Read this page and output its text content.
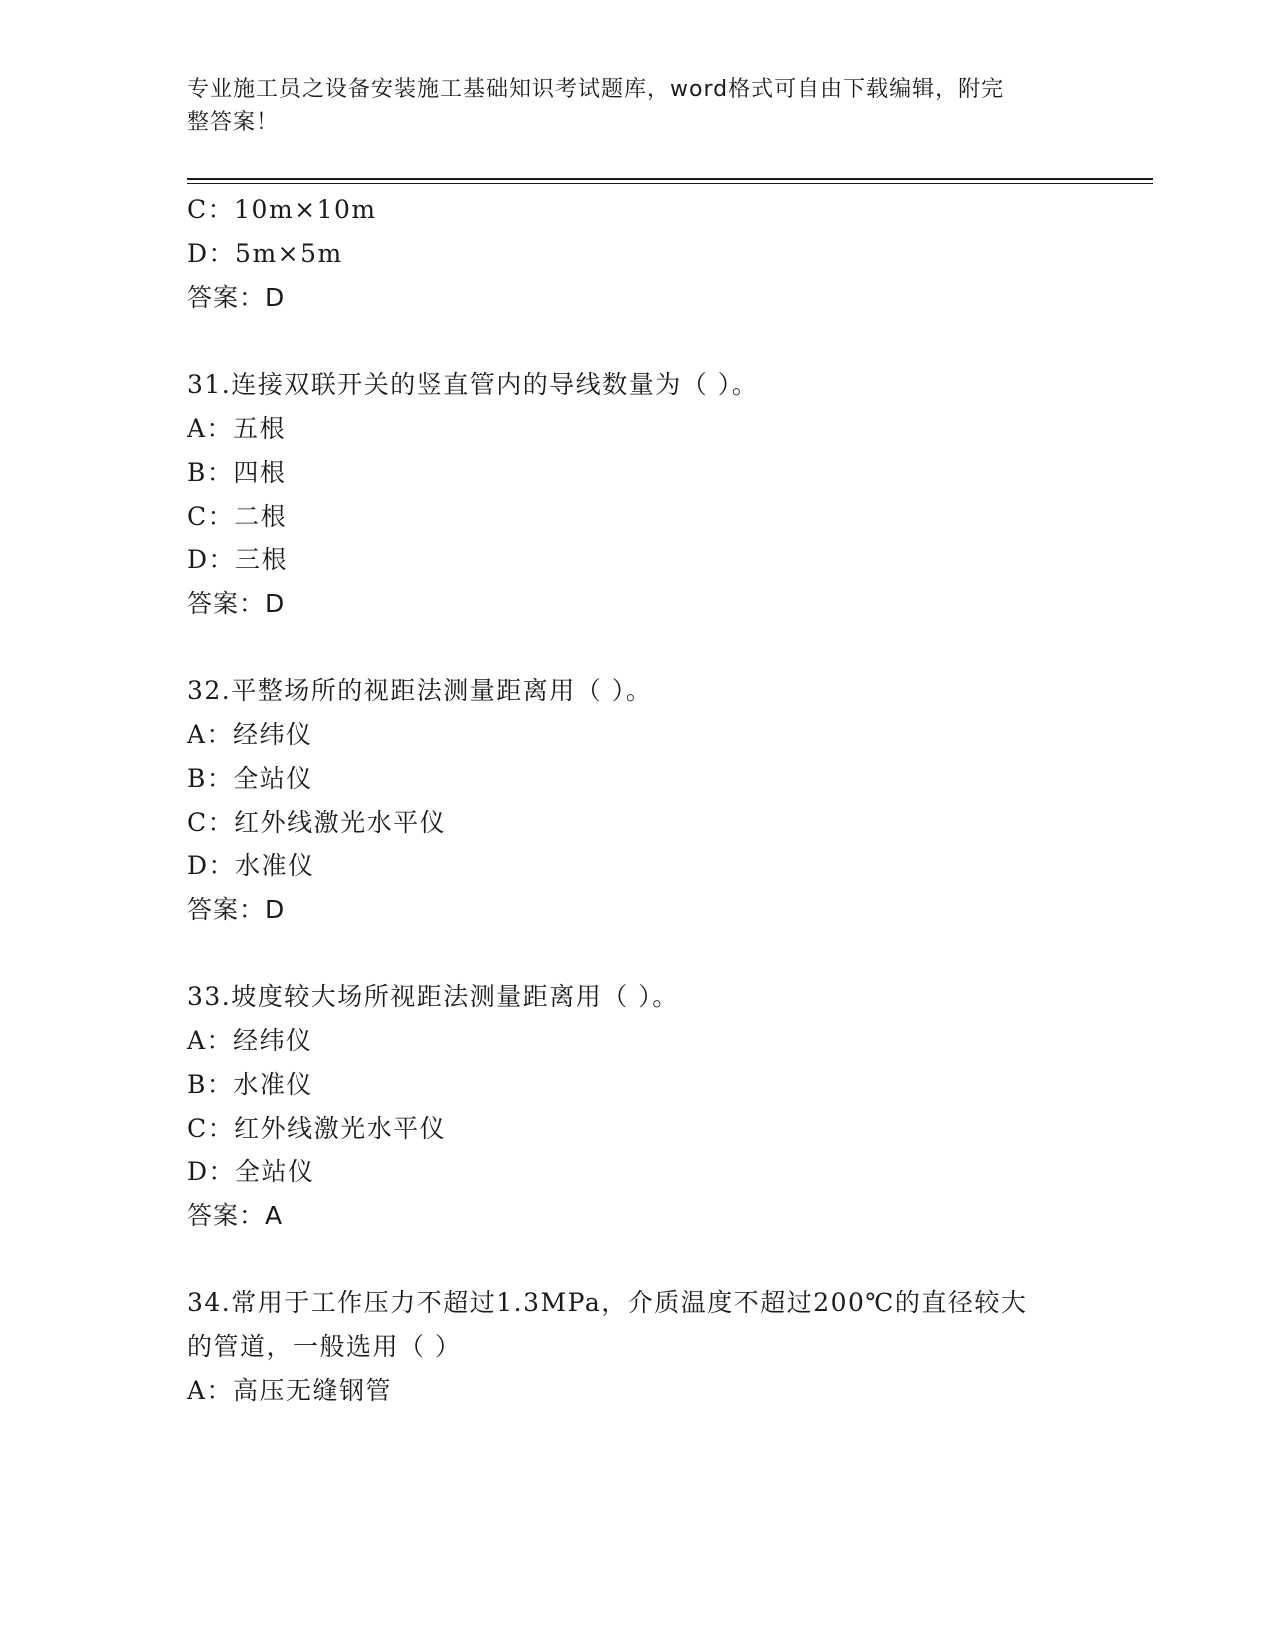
专业施工员之设备安装施工基础知识考试题库，word格式可自由下载编辑，附完
整答案！
C：10m×10m
D：5m×5m
答案：D
31.连接双联开关的竖直管内的导线数量为（ ）。
A：五根
B：四根
C：二根
D：三根
答案：D
32.平整场所的视距法测量距离用（ ）。
A：经纬仪
B：全站仪
C：红外线激光水平仪
D：水准仪
答案：D
33.坡度较大场所视距法测量距离用（ ）。
A：经纬仪
B：水准仪
C：红外线激光水平仪
D：全站仪
答案：A
34.常用于工作压力不超过1.3MPa，介质温度不超过200℃的直径较大
的管道，一般选用（ ）
A：高压无缝钢管
